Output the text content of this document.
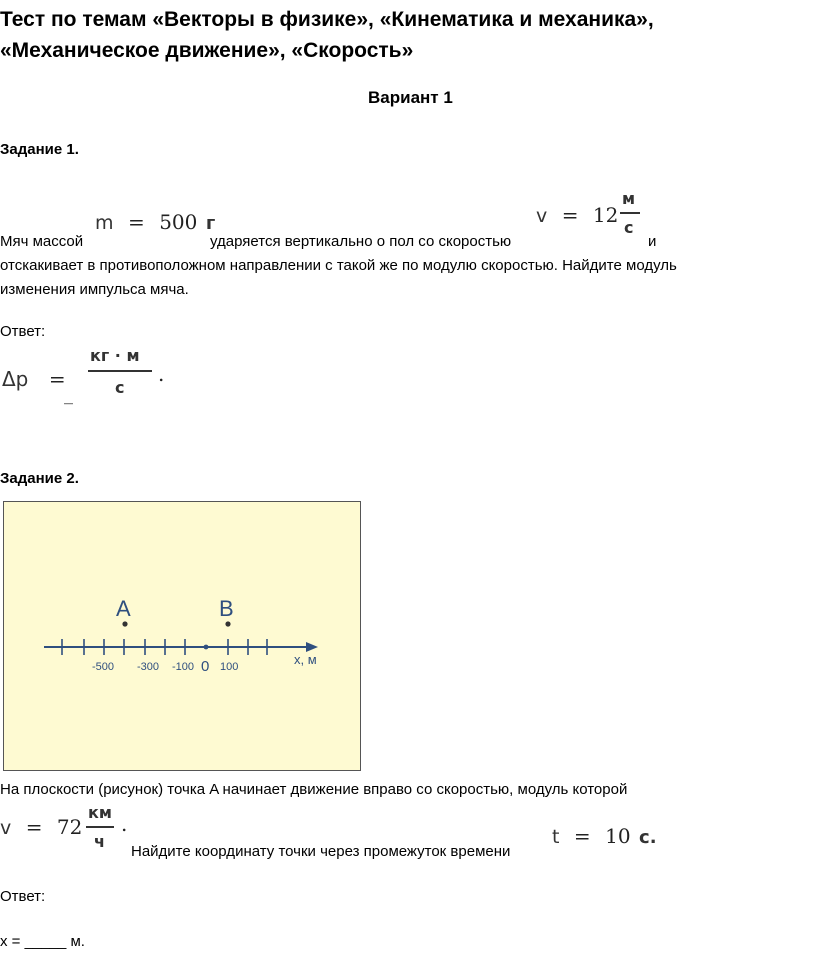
Тест по темам «Векторы в физике», «Кинематика и механика», «Механическое движение», «Скорость»
Вариант 1
Задание 1.
Мяч массой
m = 500 г
ударяется вертикально о пол со скоростью
v = 12
м
с
и
отскакивает в противоположном направлении с такой же по модулю скоростью. Найдите модуль
изменения импульса мяча.
Ответ:
Δp =
_
кг · м
с
.
Задание 2.
A	B
-500 -300 -100 0 100	x, м
На плоскости (рисунок) точка A начинает движение вправо со скоростью, модуль которой
v = 72
км
ч
.
Найдите координату точки через промежуток времени
t = 10 с.
Ответ:
x = _____ м.
